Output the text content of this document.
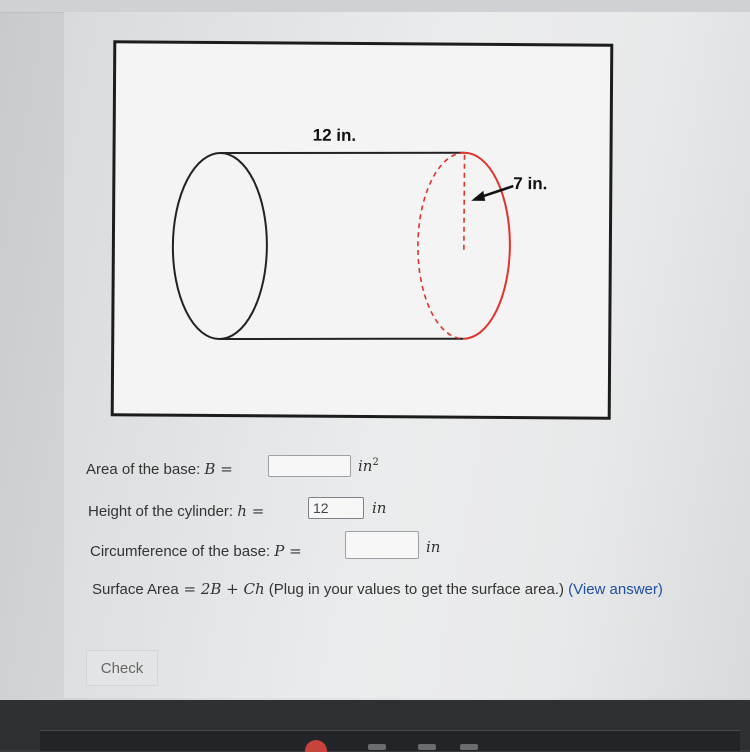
12 in.
7 in.
Area of the base: B =	$in^2$
Height of the cylinder: h =	12	in
Circumference of the base: P =	in
Surface Area = 2B + Ch (Plug in your values to get the surface area.) (View answer)
Check
